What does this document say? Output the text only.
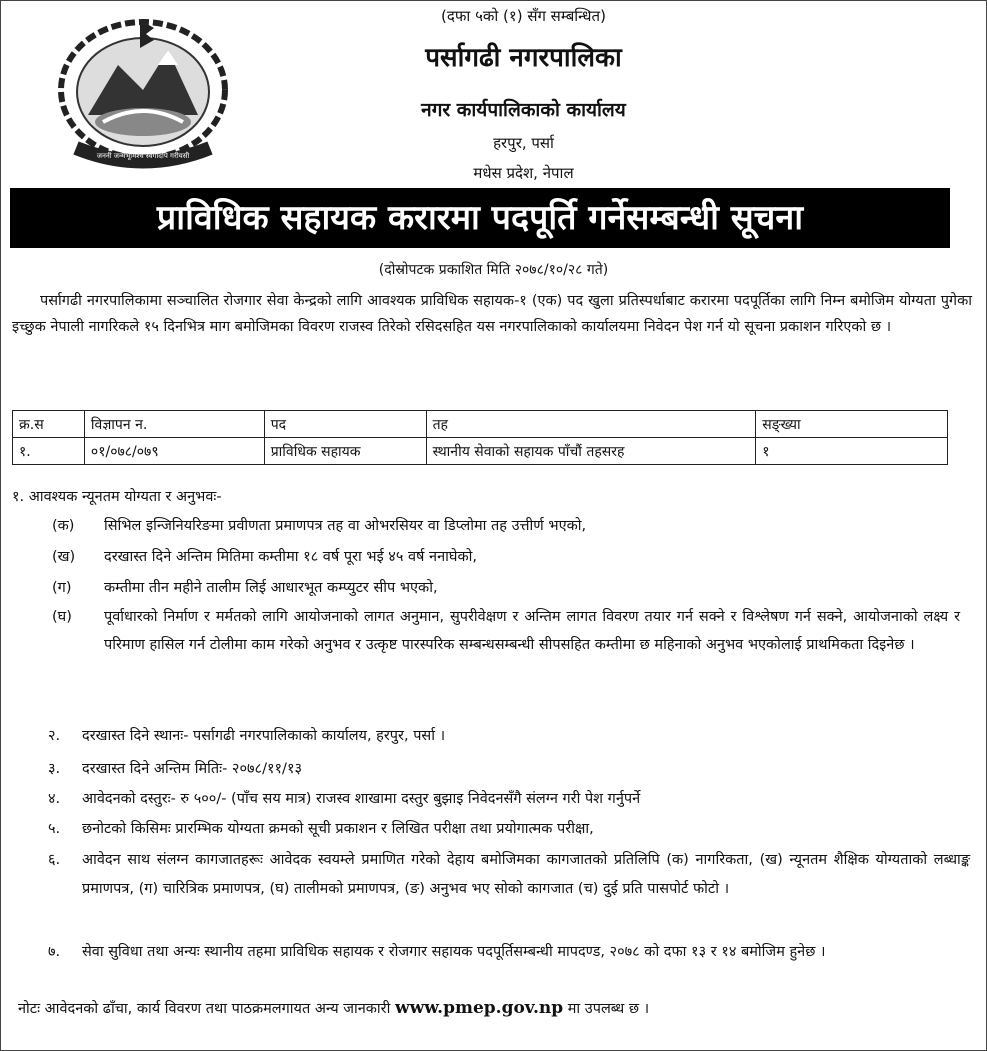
जननी जन्मभूमिश्च स्वर्गादपि गरीयसी
(दफा ५को (१) सँग सम्बन्धित)
पर्सागढी नगरपालिका
नगर कार्यपालिकाको कार्यालय
हरपुर, पर्सा
मधेस प्रदेश, नेपाल
प्राविधिक सहायक करारमा पदपूर्ति गर्नेसम्बन्धी सूचना
(दोस्रोपटक प्रकाशित मिति २०७८/१०/२८ गते)
पर्सागढी नगरपालिकामा सञ्चालित रोजगार सेवा केन्द्रको लागि आवश्यक प्राविधिक सहायक-१ (एक) पद खुला प्रतिस्पर्धाबाट करारमा पदपूर्तिका लागि निम्न बमोजिम योग्यता पुगेका इच्छुक नेपाली नागरिकले १५ दिनभित्र माग बमोजिमका विवरण राजस्व तिरेको रसिदसहित यस नगरपालिकाको कार्यालयमा निवेदन पेश गर्न यो सूचना प्रकाशन गरिएको छ ।
क्र.स	विज्ञापन न.	पद	तह	सङ्ख्या
१.	०१/०७८/०७९	प्राविधिक सहायक	स्थानीय सेवाको सहायक पाँचौं तहसरह	१
१. आवश्यक न्यूनतम योग्यता र अनुभवः-
(क) सिभिल इन्जिनियरिङमा प्रवीणता प्रमाणपत्र तह वा ओभरसियर वा डिप्लोमा तह उत्तीर्ण भएको,
(ख) दरखास्त दिने अन्तिम मितिमा कम्तीमा १८ वर्ष पूरा भई ४५ वर्ष ननाघेको,
(ग) कम्तीमा तीन महीने तालीम लिई आधारभूत कम्प्युटर सीप भएको,
(घ) पूर्वाधारको निर्माण र मर्मतको लागि आयोजनाको लागत अनुमान, सुपरीवेक्षण र अन्तिम लागत विवरण तयार गर्न सक्ने र विश्लेषण गर्न सक्ने, आयोजनाको लक्ष्य र परिमाण हासिल गर्न टोलीमा काम गरेको अनुभव र उत्कृष्ट पारस्परिक सम्बन्धसम्बन्धी सीपसहित कम्तीमा छ महिनाको अनुभव भएकोलाई प्राथमिकता दिइनेछ ।
२. दरखास्त दिने स्थानः- पर्सागढी नगरपालिकाको कार्यालय, हरपुर, पर्सा ।
३. दरखास्त दिने अन्तिम मितिः- २०७८/११/१३
४. आवेदनको दस्तुरः- रु ५००/- (पाँच सय मात्र) राजस्व शाखामा दस्तुर बुझाइ निवेदनसँगै संलग्न गरी पेश गर्नुपर्ने
५. छनोटको किसिमः प्रारम्भिक योग्यता क्रमको सूची प्रकाशन र लिखित परीक्षा तथा प्रयोगात्मक परीक्षा,
६. आवेदन साथ संलग्न कागजातहरूः आवेदक स्वयम्ले प्रमाणित गरेको देहाय बमोजिमका कागजातको प्रतिलिपि (क) नागरिकता, (ख) न्यूनतम शैक्षिक योग्यताको लब्धाङ्क प्रमाणपत्र, (ग) चारित्रिक प्रमाणपत्र, (घ) तालीमको प्रमाणपत्र, (ङ) अनुभव भए सोको कागजात (च) दुई प्रति पासपोर्ट फोटो ।
७. सेवा सुविधा तथा अन्यः स्थानीय तहमा प्राविधिक सहायक र रोजगार सहायक पदपूर्तिसम्बन्धी मापदण्ड, २०७८ को दफा १३ र १४ बमोजिम हुनेछ ।
नोटः आवेदनको ढाँचा, कार्य विवरण तथा पाठक्रमलगायत अन्य जानकारी www.pmep.gov.np मा उपलब्ध छ ।
